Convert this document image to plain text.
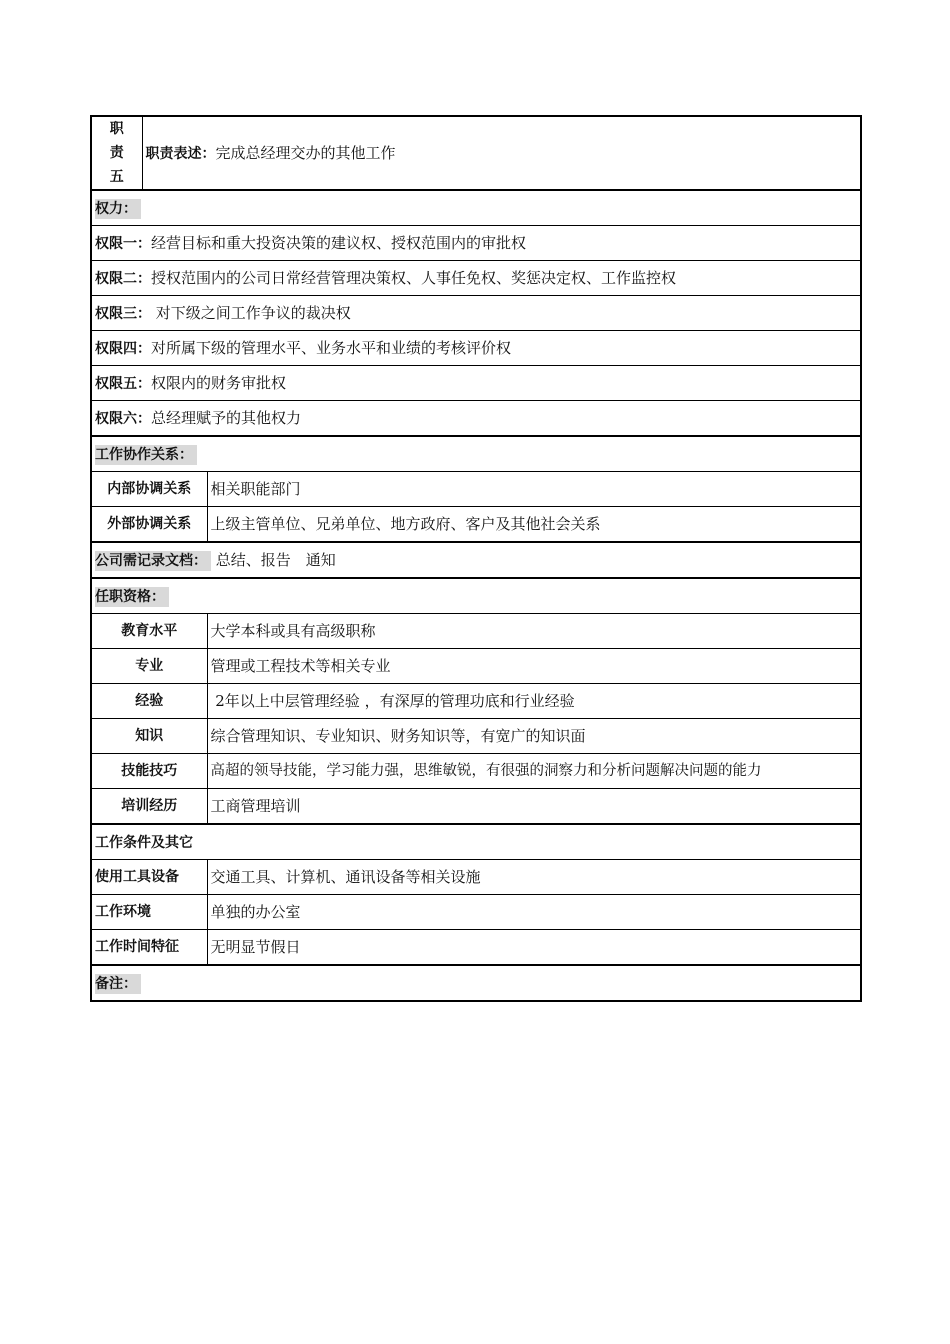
职
责
五	职责表述：完成总经理交办的其他工作	
权力：		
权限一：经营目标和重大投资决策的建议权、授权范围内的审批权		
权限二：授权范围内的公司日常经营管理决策权、人事任免权、奖惩决定权、工作监控权		
权限三： 对下级之间工作争议的裁决权		
权限四：对所属下级的管理水平、业务水平和业绩的考核评价权		
权限五：权限内的财务审批权		
权限六：总经理赋予的其他权力		
工作协作关系：		
内部协调关系		相关职能部门
外部协调关系		上级主管单位、兄弟单位、地方政府、客户及其他社会关系
公司需记录文档： 总结、报告　通知		
任职资格：		
教育水平		大学本科或具有高级职称
专业		管理或工程技术等相关专业
经验		2年以上中层管理经验 ，有深厚的管理功底和行业经验
知识		综合管理知识、专业知识、财务知识等，有宽广的知识面
技能技巧		高超的领导技能，学习能力强，思维敏锐，有很强的洞察力和分析问题解决问题的能力
培训经历		工商管理培训
工作条件及其它		
使用工具设备		交通工具、计算机、通讯设备等相关设施
工作环境		单独的办公室
工作时间特征		无明显节假日
备注：		
